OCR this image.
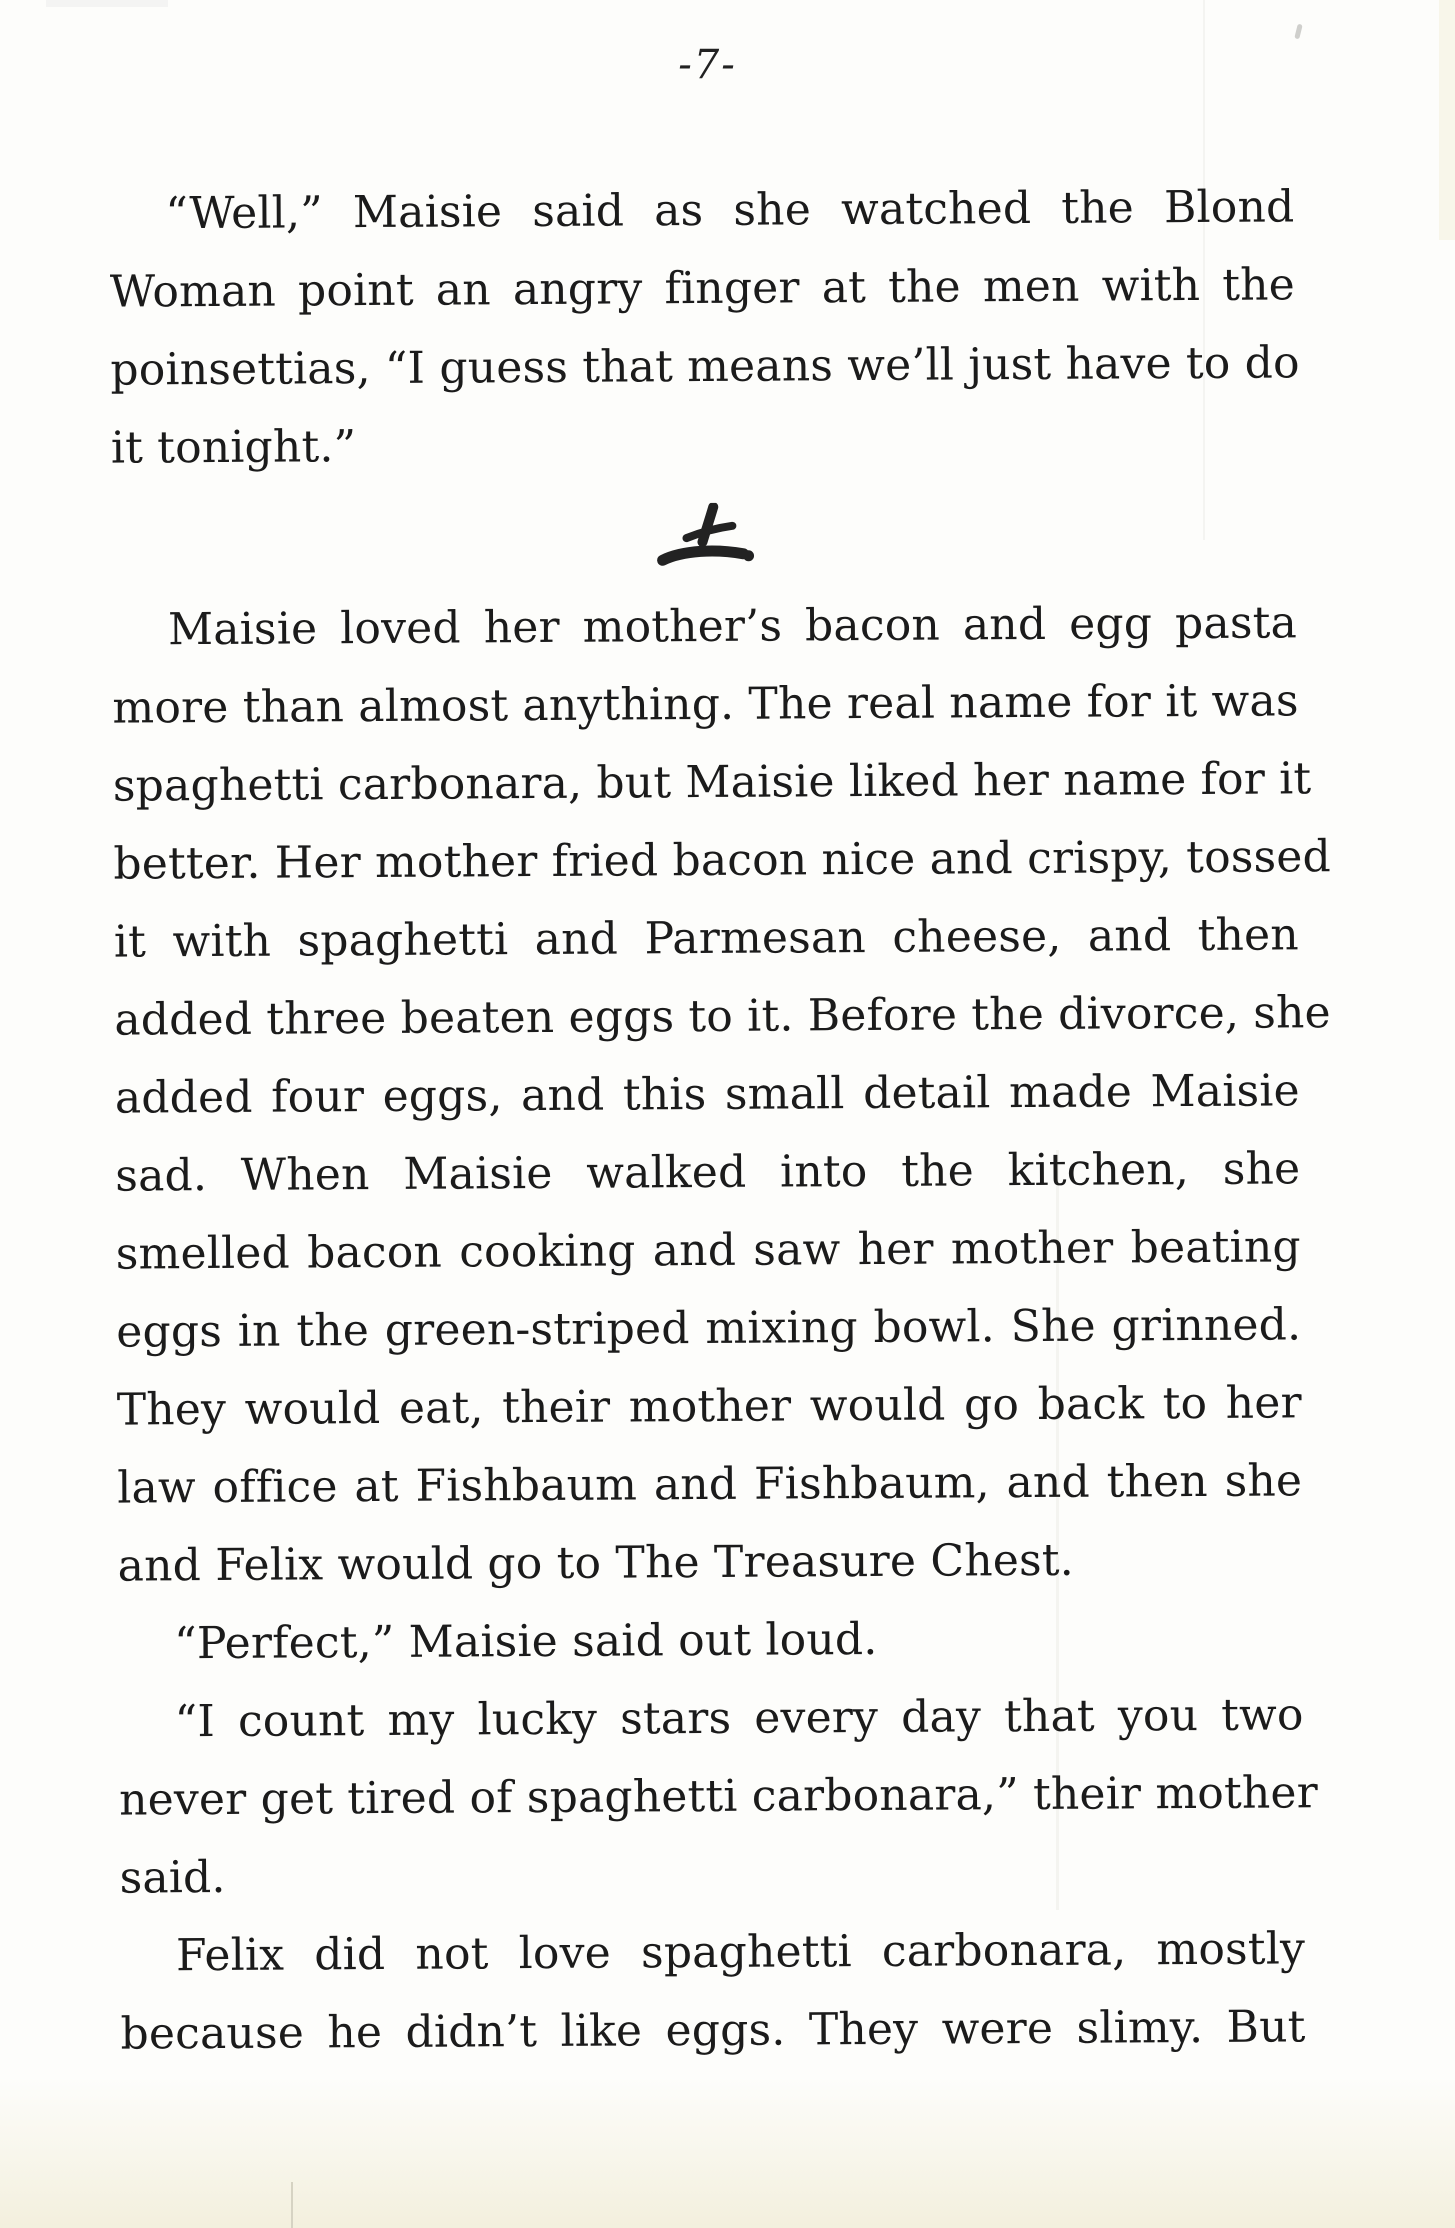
-7-
“Well,” Maisie said as she watched the Blond
Woman point an angry finger at the men with the
poinsettias, “I guess that means we’ll just have to do
it tonight.”
Maisie loved her mother’s bacon and egg pasta
more than almost anything. The real name for it was
spaghetti carbonara, but Maisie liked her name for it
better. Her mother fried bacon nice and crispy, tossed
it with spaghetti and Parmesan cheese, and then
added three beaten eggs to it. Before the divorce, she
added four eggs, and this small detail made Maisie
sad. When Maisie walked into the kitchen, she
smelled bacon cooking and saw her mother beating
eggs in the green-striped mixing bowl. She grinned.
They would eat, their mother would go back to her
law office at Fishbaum and Fishbaum, and then she
and Felix would go to The Treasure Chest.
“Perfect,” Maisie said out loud.
“I count my lucky stars every day that you two
never get tired of spaghetti carbonara,” their mother
said.
Felix did not love spaghetti carbonara, mostly
because he didn’t like eggs. They were slimy. But
